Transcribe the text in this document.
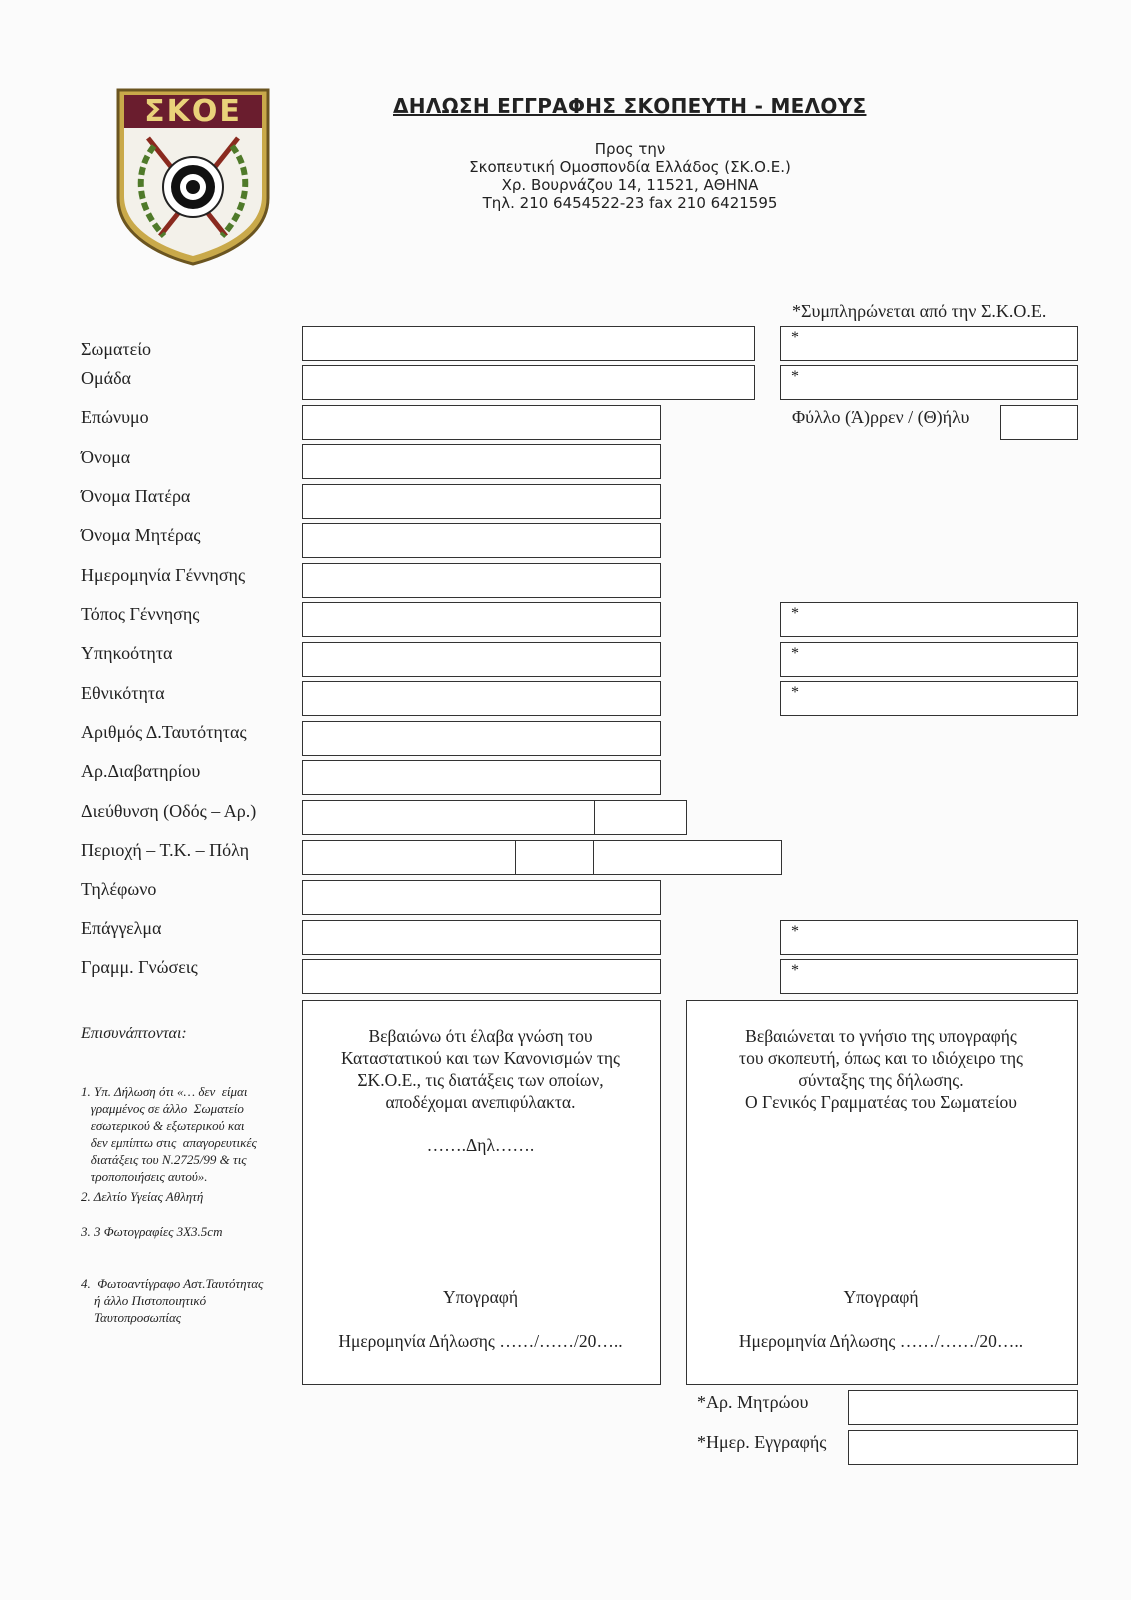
ΣΚΟΕ	ΔΗΛΩΣΗ ΕΓΓΡΑΦΗΣ ΣΚΟΠΕΥΤΗ - ΜΕΛΟΥΣ
Προς την
Σκοπευτική Ομοσπονδία Ελλάδος (ΣΚ.Ο.Ε.)
Χρ. Βουρνάζου 14, 11521, ΑΘΗΝΑ
Τηλ. 210 6454522-23 fax 210 6421595
*Συμπληρώνεται από την Σ.Κ.Ο.Ε.
Σωματείο
Ομάδα
Επώνυμο
Όνομα
Όνομα Πατέρα
Όνομα Μητέρας
Ημερομηνία Γέννησης
Τόπος Γέννησης
Υπηκοότητα
Εθνικότητα
Αριθμός Δ.Ταυτότητας
Αρ.Διαβατηρίου
Διεύθυνση (Οδός – Αρ.)
Περιοχή – Τ.Κ. – Πόλη
Τηλέφωνο
Επάγγελμα
Γραμμ. Γνώσεις
*
*
Φύλλο (Ά)ρρεν / (Θ)ήλυ
*
*
*
*
*
Επισυνάπτονται:

1. Υπ. Δήλωση ότι «… δεν  είμαι
γραμμένος σε άλλο  Σωματείο
εσωτερικού & εξωτερικού και
δεν εμπίπτω στις  απαγορευτικές
διατάξεις του Ν.2725/99 & τις
τροποποιήσεις αυτού».

2. Δελτίο Υγείας Αθλητή
3. 3 Φωτογραφίες 3Χ3.5cm

4.  Φωτοαντίγραφο Αστ.Ταυτότητας
ή άλλο Πιστοποιητικό
Ταυτοπροσωπίας

Βεβαιώνω ότι έλαβα γνώση του
Καταστατικού και των Κανονισμών της
ΣΚ.Ο.Ε., τις διατάξεις των οποίων,
αποδέχομαι ανεπιφύλακτα.
…….Δηλ…….
Υπογραφή
Ημερομηνία Δήλωσης ……/……/20…..
Βεβαιώνεται το γνήσιο της υπογραφής
του σκοπευτή, όπως και το ιδιόχειρο της
σύνταξης της δήλωσης.
Ο Γενικός Γραμματέας του Σωματείου
Υπογραφή
Ημερομηνία Δήλωσης ……/……/20…..
*Αρ. Μητρώου
*Ημερ. Εγγραφής
